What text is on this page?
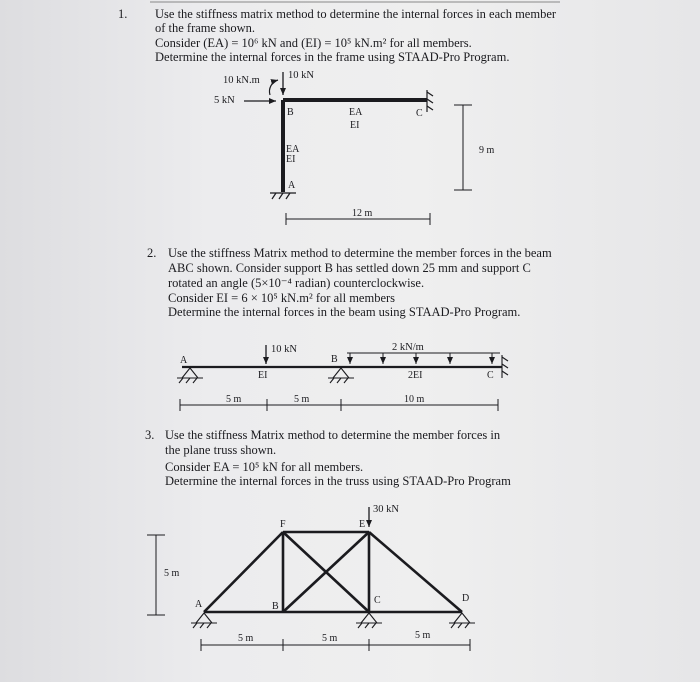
1. Use the stiffness matrix method to determine the internal forces in each member
of the frame shown.
Consider (EA) = 10⁶ kN and (EI) = 10⁵ kN.m² for all members.
Determine the internal forces in the frame using STAAD-Pro Program.
2. Use the stiffness Matrix method to determine the member forces in the beam
ABC shown. Consider support B has settled down 25 mm and support C
rotated an angle (5×10⁻⁴ radian) counterclockwise.
Consider EI = 6 × 10⁵ kN.m² for all members
Determine the internal forces in the beam using STAAD-Pro Program.
3. Use the stiffness Matrix method to determine the member forces in
the plane truss shown.
Consider EA = 10⁵ kN for all members.
Determine the internal forces in the truss using STAAD-Pro Program
10 kN.m	10 kN
5 kN
B	C
A
EA
EI
EA
EI
9 m
12 m
10 kN	2 kN/m
A	B
C
EI	2EI
5 m	5 m	10 m
30 kN
E
F
A	B
C	D
5 m
5 m	5 m	5 m
